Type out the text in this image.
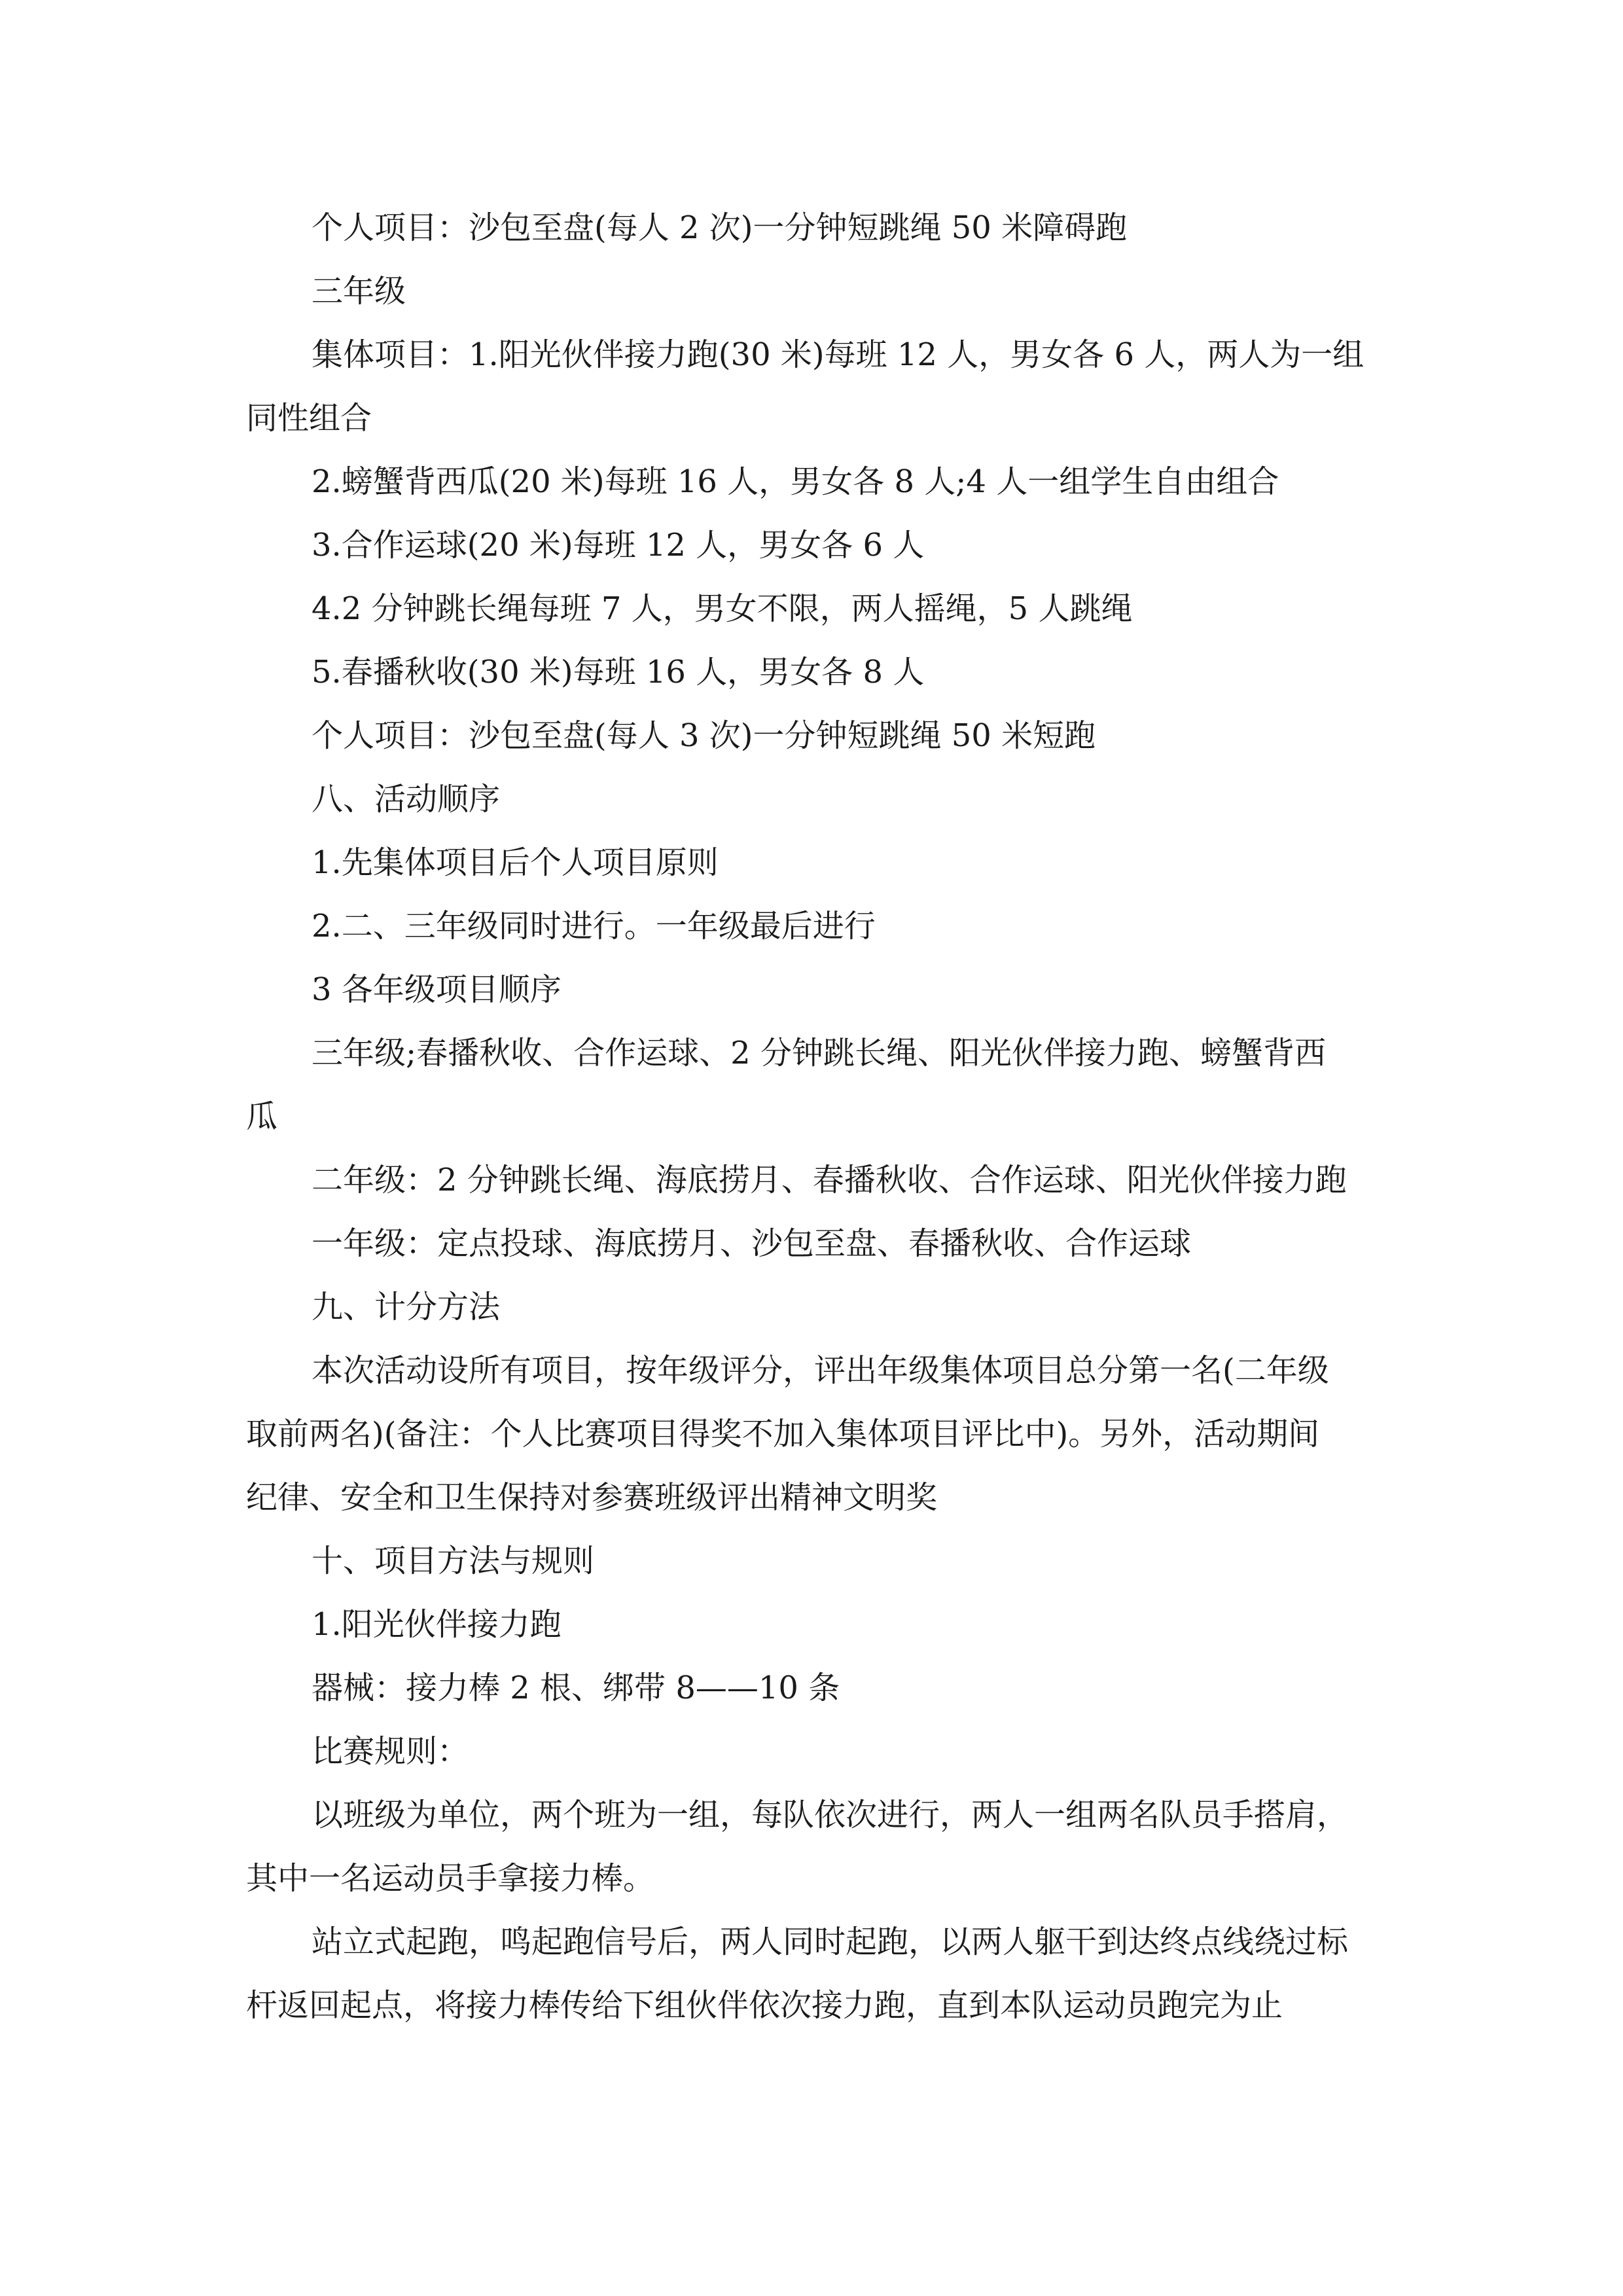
个人项目：沙包至盘(每人 2 次)一分钟短跳绳 50 米障碍跑
三年级
集体项目：1.阳光伙伴接力跑(30 米)每班 12 人，男女各 6 人，两人为一组
同性组合
2.螃蟹背西瓜(20 米)每班 16 人，男女各 8 人;4 人一组学生自由组合
3.合作运球(20 米)每班 12 人，男女各 6 人
4.2 分钟跳长绳每班 7 人，男女不限，两人摇绳，5 人跳绳
5.春播秋收(30 米)每班 16 人，男女各 8 人
个人项目：沙包至盘(每人 3 次)一分钟短跳绳 50 米短跑
八、活动顺序
1.先集体项目后个人项目原则
2.二、三年级同时进行。一年级最后进行
3 各年级项目顺序
三年级;春播秋收、合作运球、2 分钟跳长绳、阳光伙伴接力跑、螃蟹背西
瓜
二年级：2 分钟跳长绳、海底捞月、春播秋收、合作运球、阳光伙伴接力跑
一年级：定点投球、海底捞月、沙包至盘、春播秋收、合作运球
九、计分方法
本次活动设所有项目，按年级评分，评出年级集体项目总分第一名(二年级
取前两名)(备注：个人比赛项目得奖不加入集体项目评比中)。另外，活动期间
纪律、安全和卫生保持对参赛班级评出精神文明奖
十、项目方法与规则
1.阳光伙伴接力跑
器械：接力棒 2 根、绑带 8——10 条
比赛规则：
以班级为单位，两个班为一组，每队依次进行，两人一组两名队员手搭肩，
其中一名运动员手拿接力棒。
站立式起跑，鸣起跑信号后，两人同时起跑，以两人躯干到达终点线绕过标
杆返回起点，将接力棒传给下组伙伴依次接力跑，直到本队运动员跑完为止
